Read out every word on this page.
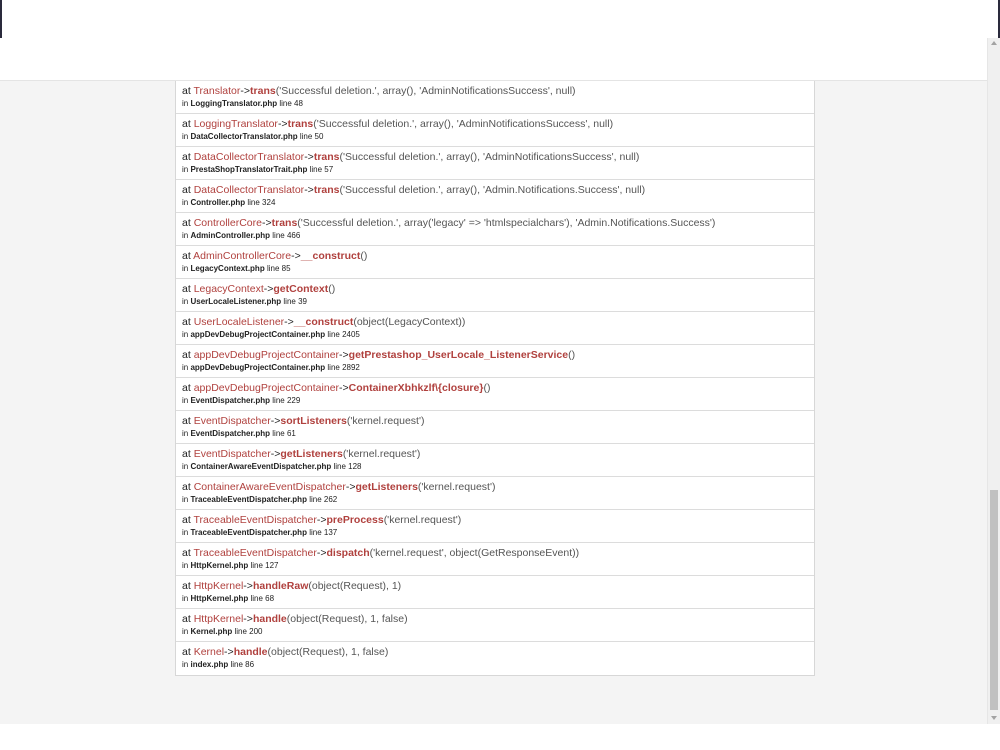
at Translator->trans('Successful deletion.', array(), 'AdminNotificationsSuccess', null)
in LoggingTranslator.php line 48
at LoggingTranslator->trans('Successful deletion.', array(), 'AdminNotificationsSuccess', null)
in DataCollectorTranslator.php line 50
at DataCollectorTranslator->trans('Successful deletion.', array(), 'AdminNotificationsSuccess', null)
in PrestaShopTranslatorTrait.php line 57
at DataCollectorTranslator->trans('Successful deletion.', array(), 'Admin.Notifications.Success', null)
in Controller.php line 324
at ControllerCore->trans('Successful deletion.', array('legacy' => 'htmlspecialchars'), 'Admin.Notifications.Success')
in AdminController.php line 466
at AdminControllerCore->__construct()
in LegacyContext.php line 85
at LegacyContext->getContext()
in UserLocaleListener.php line 39
at UserLocaleListener->__construct(object(LegacyContext))
in appDevDebugProjectContainer.php line 2405
at appDevDebugProjectContainer->getPrestashop_UserLocale_ListenerService()
in appDevDebugProjectContainer.php line 2892
at appDevDebugProjectContainer->ContainerXbhkzlf\{closure}()
in EventDispatcher.php line 229
at EventDispatcher->sortListeners('kernel.request')
in EventDispatcher.php line 61
at EventDispatcher->getListeners('kernel.request')
in ContainerAwareEventDispatcher.php line 128
at ContainerAwareEventDispatcher->getListeners('kernel.request')
in TraceableEventDispatcher.php line 262
at TraceableEventDispatcher->preProcess('kernel.request')
in TraceableEventDispatcher.php line 137
at TraceableEventDispatcher->dispatch('kernel.request', object(GetResponseEvent))
in HttpKernel.php line 127
at HttpKernel->handleRaw(object(Request), 1)
in HttpKernel.php line 68
at HttpKernel->handle(object(Request), 1, false)
in Kernel.php line 200
at Kernel->handle(object(Request), 1, false)
in index.php line 86
